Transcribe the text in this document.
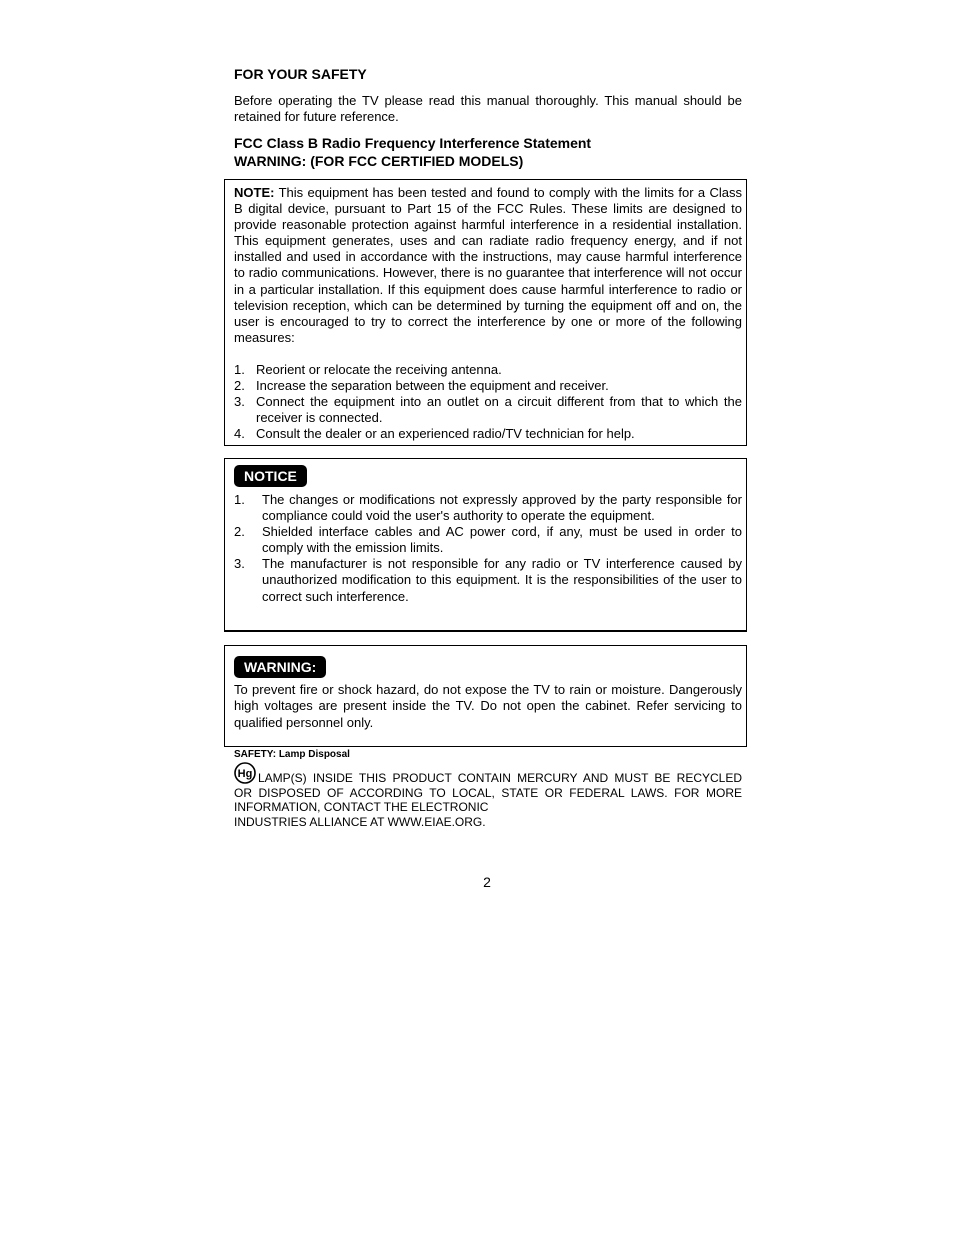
FOR YOUR SAFETY

Before operating the TV please read this manual thoroughly. This manual should be retained for future reference.

FCC Class B Radio Frequency Interference Statement
WARNING: (FOR FCC CERTIFIED MODELS)

NOTE: This equipment has been tested and found to comply with the limits for a Class B digital device, pursuant to Part 15 of the FCC Rules. These limits are designed to provide reasonable protection against harmful interference in a residential installation. This equipment generates, uses and can radiate radio frequency energy, and if not installed and used in accordance with the instructions, may cause harmful interference to radio communications. However, there is no guarantee that interference will not occur in a particular installation. If this equipment does cause harmful interference to radio or television reception, which can be determined by turning the equipment off and on, the user is encouraged to try to correct the interference by one or more of the following measures:

1. Reorient or relocate the receiving antenna.
2. Increase the separation between the equipment and receiver.
3. Connect the equipment into an outlet on a circuit different from that to which the receiver is connected.
4. Consult the dealer or an experienced radio/TV technician for help.
NOTICE
1. The changes or modifications not expressly approved by the party responsible for compliance could void the user's authority to operate the equipment.
2. Shielded interface cables and AC power cord, if any, must be used in order to comply with the emission limits.
3. The manufacturer is not responsible for any radio or TV interference caused by unauthorized modification to this equipment. It is the responsibilities of the user to correct such interference.
WARNING:

To prevent fire or shock hazard, do not expose the TV to rain or moisture. Dangerously high voltages are present inside the TV. Do not open the cabinet. Refer servicing to qualified personnel only.

SAFETY: Lamp Disposal
Hg LAMP(S) INSIDE THIS PRODUCT CONTAIN MERCURY AND MUST BE RECYCLED
OR DISPOSED OF ACCORDING TO LOCAL, STATE OR FEDERAL LAWS. FOR MORE
INFORMATION, CONTACT THE ELECTRONIC
INDUSTRIES ALLIANCE AT WWW.EIAE.ORG.

2
